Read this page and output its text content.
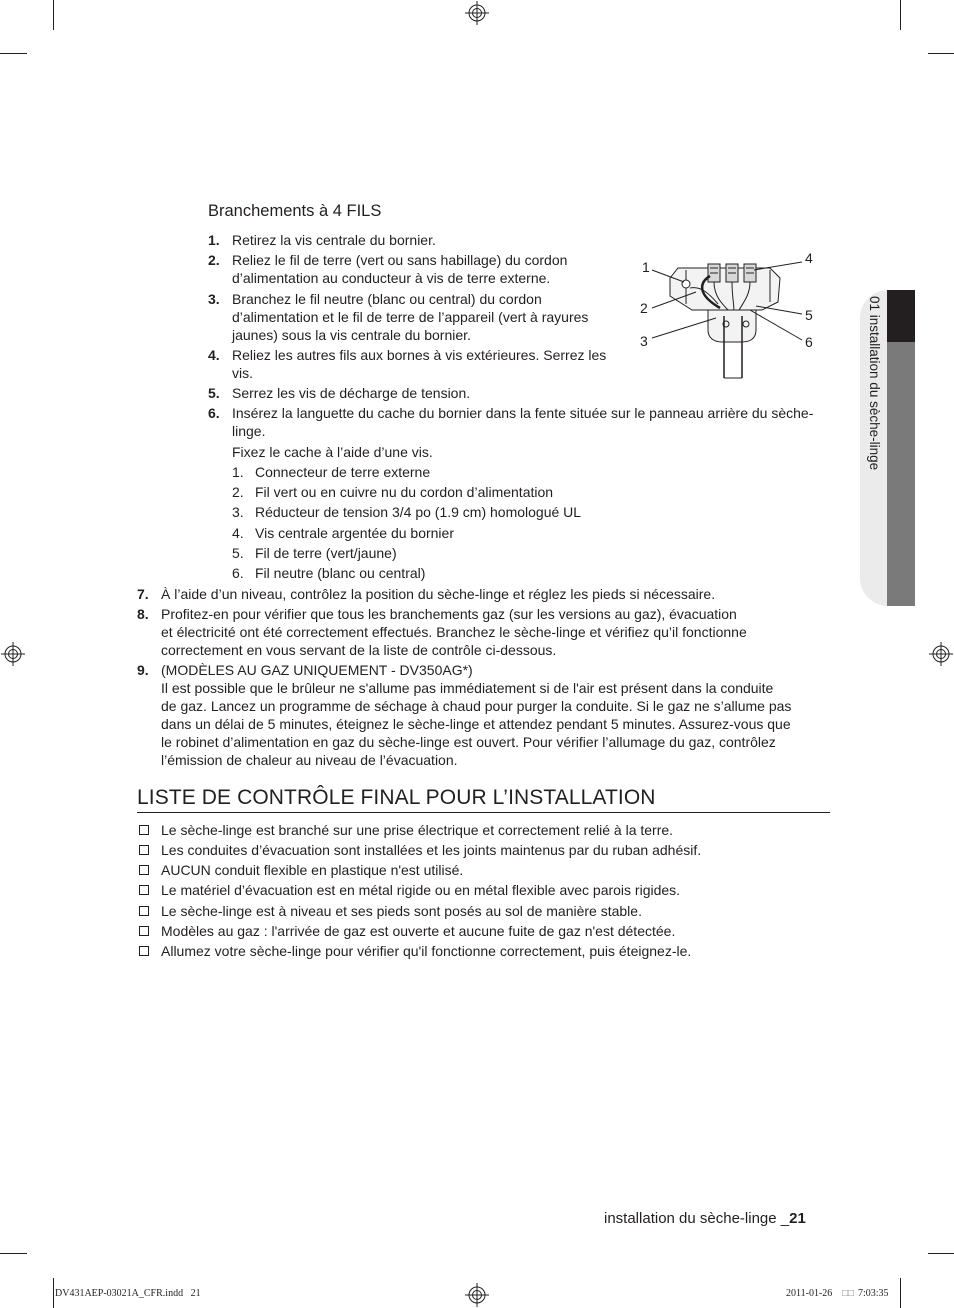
01 installation du sèche-linge
Branchements à 4 FILS
1. Retirez la vis centrale du bornier.
2. Reliez le fil de terre (vert ou sans habillage) du cordon
d’alimentation au conducteur à vis de terre externe.
3. Branchez le fil neutre (blanc ou central) du cordon
d’alimentation et le fil de terre de l’appareil (vert à rayures
jaunes) sous la vis centrale du bornier.
4. Reliez les autres fils aux bornes à vis extérieures. Serrez les
vis.
5. Serrez les vis de décharge de tension.
6. Insérez la languette du cache du bornier dans la fente située sur le panneau arrière du sèche-
linge.
Fixez le cache à l’aide d’une vis.
1. Connecteur de terre externe
2. Fil vert ou en cuivre nu du cordon d’alimentation
3. Réducteur de tension 3/4 po (1.9 cm) homologué UL
4. Vis centrale argentée du bornier
5. Fil de terre (vert/jaune)
6. Fil neutre (blanc ou central)
7. À l’aide d’un niveau, contrôlez la position du sèche-linge et réglez les pieds si nécessaire.
8. Profitez-en pour vérifier que tous les branchements gaz (sur les versions au gaz), évacuation
et électricité ont été correctement effectués. Branchez le sèche-linge et vérifiez qu’il fonctionne
correctement en vous servant de la liste de contrôle ci-dessous.
9. (MODÈLES AU GAZ UNIQUEMENT - DV350AG*)
Il est possible que le brûleur ne s'allume pas immédiatement si de l'air est présent dans la conduite
de gaz. Lancez un programme de séchage à chaud pour purger la conduite. Si le gaz ne s’allume pas
dans un délai de 5 minutes, éteignez le sèche-linge et attendez pendant 5 minutes. Assurez-vous que
le robinet d’alimentation en gaz du sèche-linge est ouvert. Pour vérifier l’allumage du gaz, contrôlez
l’émission de chaleur au niveau de l’évacuation.
1
2
3
4
5
6
LISTE DE CONTRÔLE FINAL POUR L’INSTALLATION
Le sèche-linge est branché sur une prise électrique et correctement relié à la terre.
Les conduites d’évacuation sont installées et les joints maintenus par du ruban adhésif.
AUCUN conduit flexible en plastique n'est utilisé.
Le matériel d’évacuation est en métal rigide ou en métal flexible avec parois rigides.
Le sèche-linge est à niveau et ses pieds sont posés au sol de manière stable.
Modèles au gaz : l'arrivée de gaz est ouverte et aucune fuite de gaz n'est détectée.
Allumez votre sèche-linge pour vérifier qu'il fonctionne correctement, puis éteignez-le.
installation du sèche-linge _21
DV431AEP-03021A_CFR.indd   21	2011-01-26 □□ 7:03:35
